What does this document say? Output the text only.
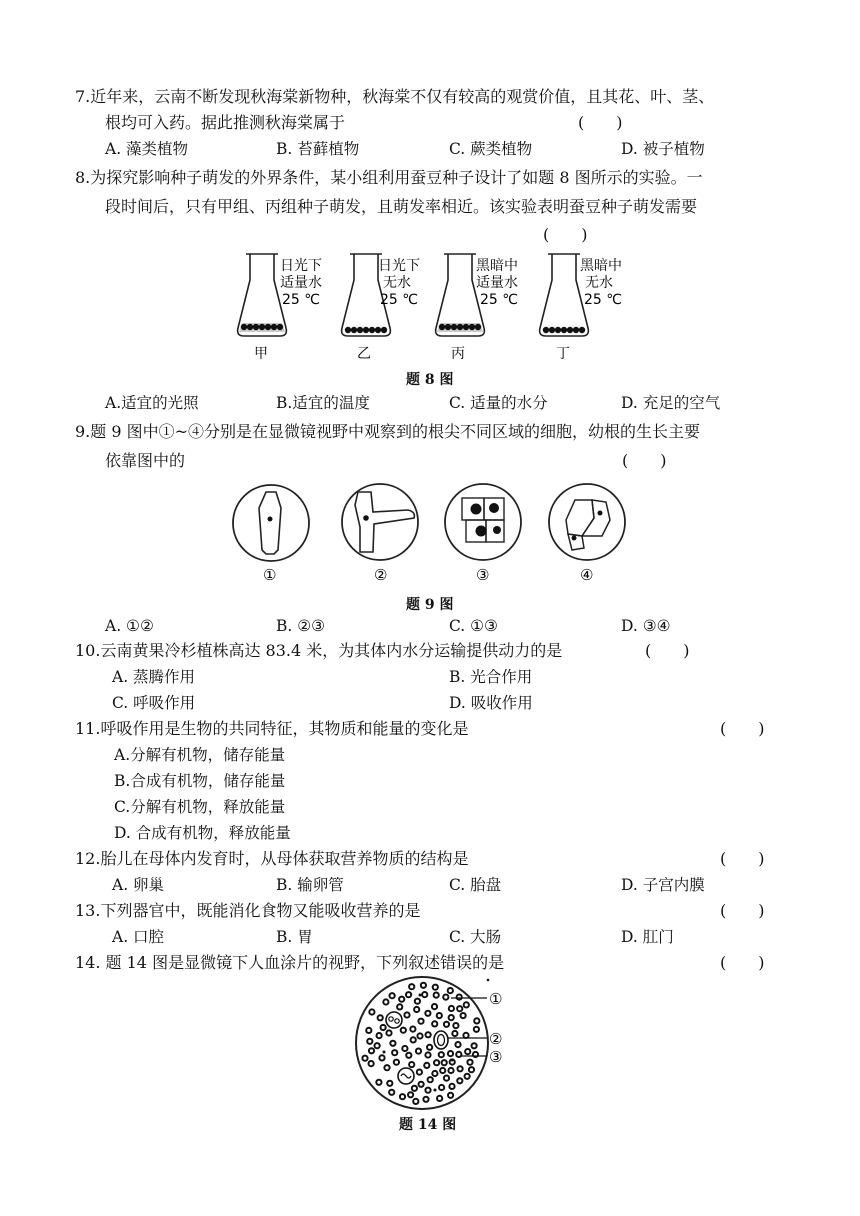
7.近年来，云南不断发现秋海棠新物种，秋海棠不仅有较高的观赏价值，且其花、叶、茎、
根均可入药。据此推测秋海棠属于	(　　)
A. 藻类植物	B. 苔藓植物	C. 蕨类植物	D. 被子植物
8.为探究影响种子萌发的外界条件，某小组利用蚕豆种子设计了如题 8 图所示的实验。一
段时间后，只有甲组、丙组种子萌发，且萌发率相近。该实验表明蚕豆种子萌发需要
(　　)
日光下
适量水
25 ℃
甲
日光下
无水
25 ℃
乙
黑暗中
适量水
25 ℃
丙
黑暗中
无水
25 ℃
丁
题 8 图
A.适宜的光照	B.适宜的温度	C. 适量的水分	D. 充足的空气
9.题 9 图中①~④分别是在显微镜视野中观察到的根尖不同区域的细胞，幼根的生长主要
依靠图中的	(　　)
①	②	③	④
题 9 图
A. ①②	B. ②③	C. ①③	D. ③④
10.云南黄果冷杉植株高达 83.4 米，为其体内水分运输提供动力的是	(　　)
A. 蒸腾作用	B. 光合作用
C. 呼吸作用	D. 吸收作用
11.呼吸作用是生物的共同特征，其物质和能量的变化是	(　　)
A.分解有机物，储存能量
B.合成有机物，储存能量
C.分解有机物，释放能量
D. 合成有机物，释放能量
12.胎儿在母体内发育时，从母体获取营养物质的结构是	(　　)
A. 卵巢	B. 输卵管	C. 胎盘	D. 子宫内膜
13.下列器官中，既能消化食物又能吸收营养的是	(　　)
A. 口腔	B. 胃	C. 大肠	D. 肛门
14. 题 14 图是显微镜下人血涂片的视野，下列叙述错误的是	(　　)
①
②
③
题 14 图
